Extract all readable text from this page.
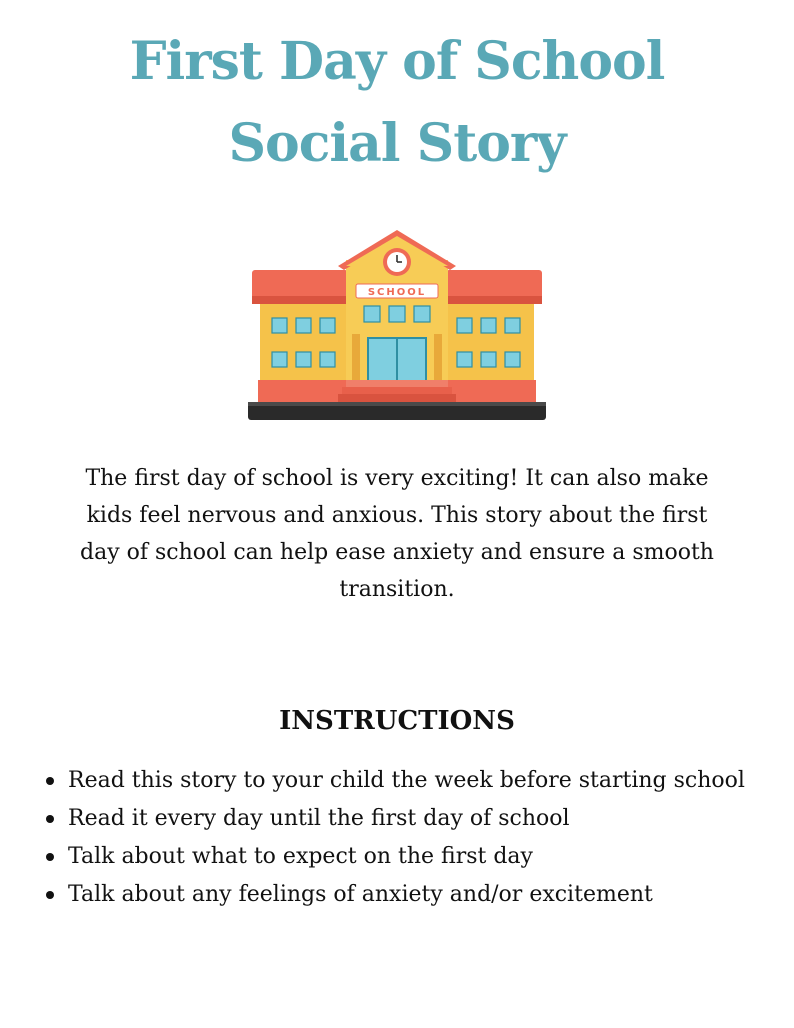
First Day of School
Social Story
SCHOOL

The first day of school is very exciting! It can also make kids feel nervous and anxious. This story about the first day of school can help ease anxiety and ensure a smooth transition.

INSTRUCTIONS
Read this story to your child the week before starting school
Read it every day until the first day of school
Talk about what to expect on the first day
Talk about any feelings of anxiety and/or excitement
